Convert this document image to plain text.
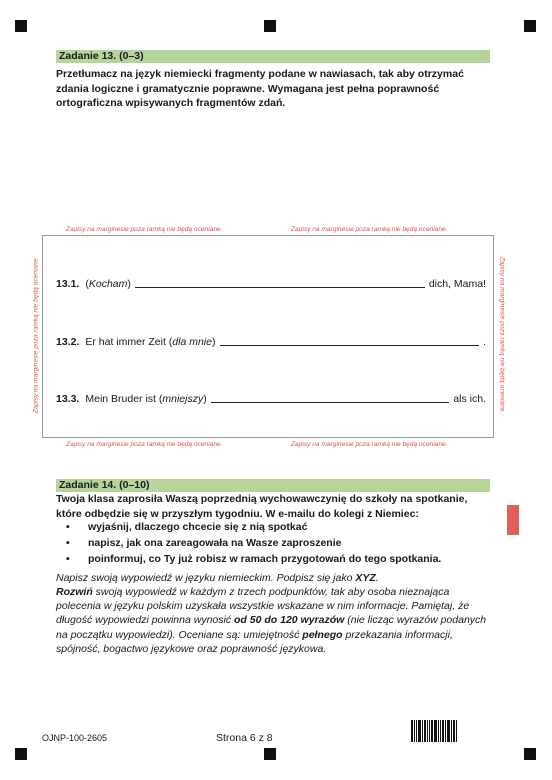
Zadanie 13. (0–3)
Przetłumacz na język niemiecki fragmenty podane w nawiasach, tak aby otrzymać zdania logiczne i gramatycznie poprawne. Wymagana jest pełna poprawność ortograficzna wpisywanych fragmentów zdań.
Zapisy na marginesie poza ramką nie będą oceniane.	Zapisy na marginesie poza ramką nie będą oceniane.
Zapisy na marginesie poza ramką nie będą oceniane.	Zapisy na marginesie poza ramką nie będą oceniane.
13.1. ( Kocham )	dich, Mama!
13.2. Er hat immer Zeit ( dla mnie )	.
13.3. Mein Bruder ist ( mniejszy )	als ich.
Zapisy na marginesie poza ramką nie będą oceniane.	Zapisy na marginesie poza ramką nie będą oceniane.
Zadanie 14. (0–10)
Twoja klasa zaprosiła Waszą poprzednią wychowawczynię do szkoły na spotkanie, które odbędzie się w przyszłym tygodniu. W e-mailu do kolegi z Niemiec:
• wyjaśnij, dlaczego chcecie się z nią spotkać
• napisz, jak ona zareagowała na Wasze zaproszenie
• poinformuj, co Ty już robisz w ramach przygotowań do tego spotkania.
Napisz swoją wypowiedź w języku niemieckim. Podpisz się jako XYZ.
Rozwiń swoją wypowiedź w każdym z trzech podpunktów, tak aby osoba nieznająca polecenia w języku polskim uzyskała wszystkie wskazane w nim informacje. Pamiętaj, że długość wypowiedzi powinna wynosić od 50 do 120 wyrazów (nie licząc wyrazów podanych na początku wypowiedzi). Oceniane są: umiejętność pełnego przekazania informacji, spójność, bogactwo językowe oraz poprawność językowa.
OJNP-100-2605	Strona 6 z 8
